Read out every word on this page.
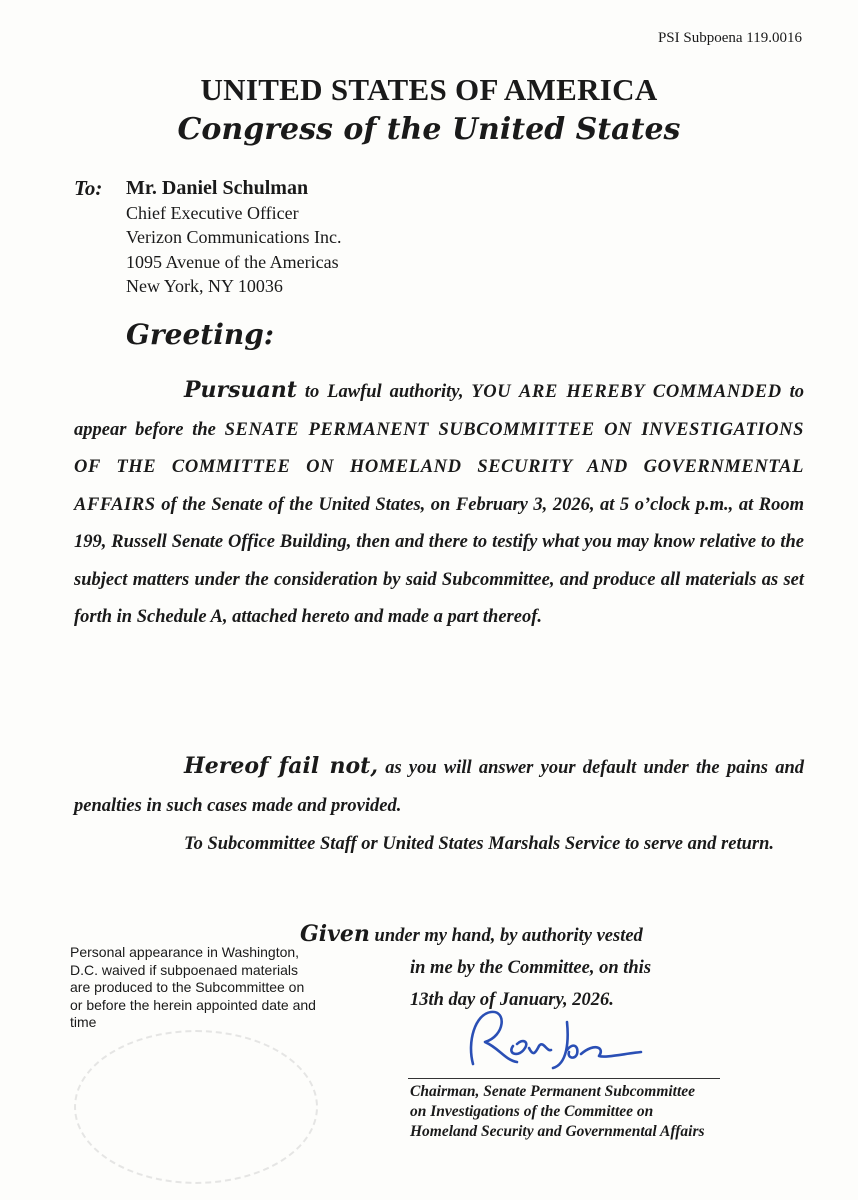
PSI Subpoena 119.0016
UNITED STATES OF AMERICA
Congress of the United States
To: Mr. Daniel Schulman
Chief Executive Officer
Verizon Communications Inc.
1095 Avenue of the Americas
New York, NY 10036
Greeting:
Pursuant to Lawful authority, YOU ARE HEREBY COMMANDED to appear before the SENATE PERMANENT SUBCOMMITTEE ON INVESTIGATIONS OF THE COMMITTEE ON HOMELAND SECURITY AND GOVERNMENTAL AFFAIRS of the Senate of the United States, on February 3, 2026, at 5 o’clock p.m., at Room 199, Russell Senate Office Building, then and there to testify what you may know relative to the subject matters under the consideration by said Subcommittee, and produce all materials as set forth in Schedule A, attached hereto and made a part thereof.
Hereof fail not, as you will answer your default under the pains and penalties in such cases made and provided.
To Subcommittee Staff or United States Marshals Service to serve and return.
Given under my hand, by authority vested
in me by the Committee, on this
13th day of January, 2026.
Personal appearance in Washington, D.C. waived if subpoenaed materials are produced to the Subcommittee on or before the herein appointed date and time
Chairman, Senate Permanent Subcommittee
on Investigations of the Committee on
Homeland Security and Governmental Affairs
